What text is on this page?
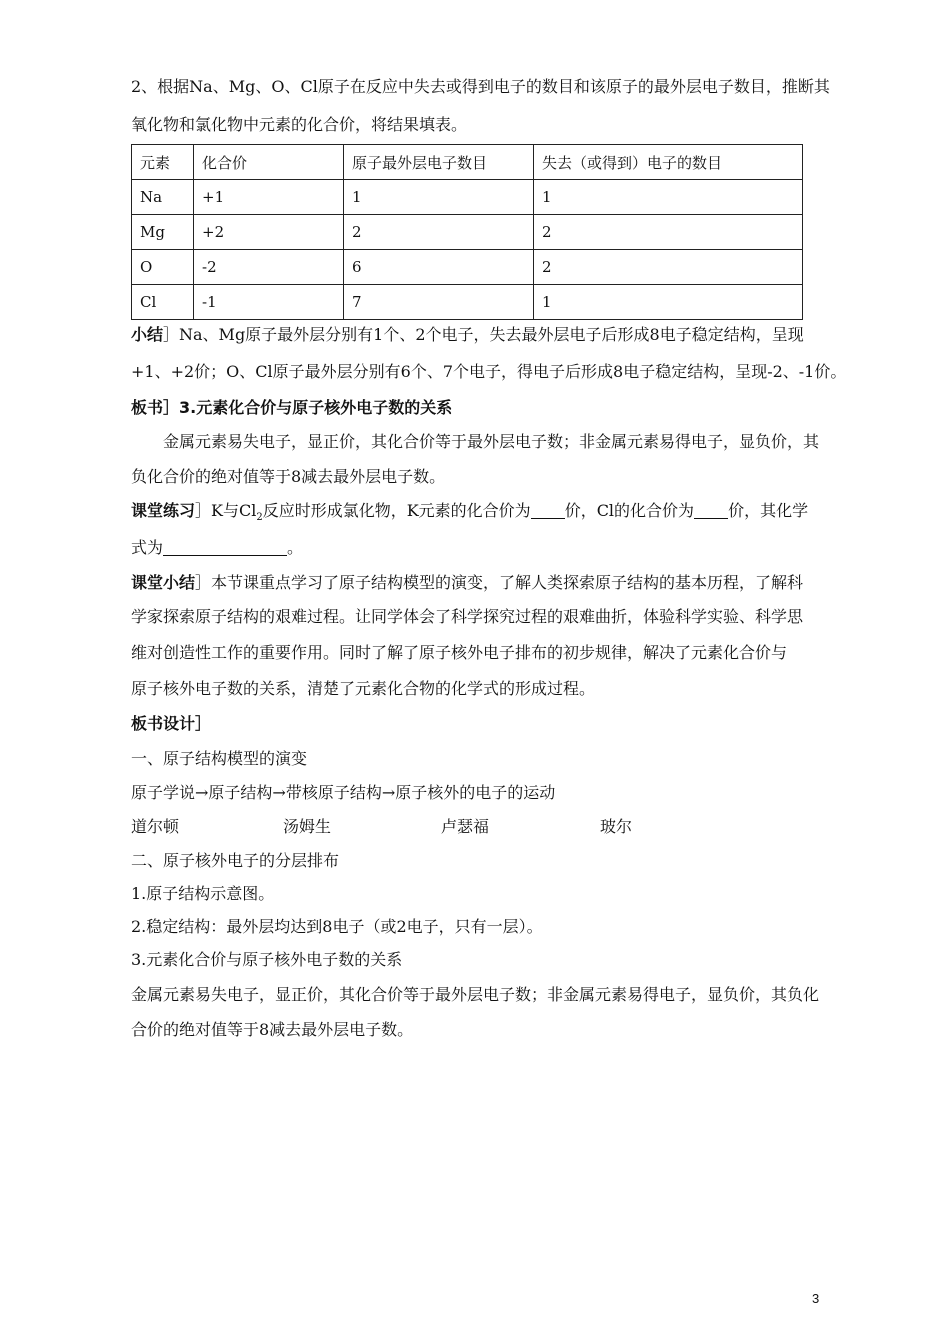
2、根据Na、Mg、O、Cl原子在反应中失去或得到电子的数目和该原子的最外层电子数目，推断其
氧化物和氯化物中元素的化合价，将结果填表。
元素	化合价	原子最外层电子数目	失去（或得到）电子的数目
Na	+1	1	1
Mg	+2	2	2
O	-2	6	2
Cl	-1	7	1
小结］Na、Mg原子最外层分别有1个、2个电子，失去最外层电子后形成8电子稳定结构，呈现
+1、+2价；O、Cl原子最外层分别有6个、7个电子，得电子后形成8电子稳定结构，呈现-2、-1价。
板书］3.元素化合价与原子核外电子数的关系
金属元素易失电子，显正价，其化合价等于最外层电子数；非金属元素易得电子，显负价，其
负化合价的绝对值等于8减去最外层电子数。
课堂练习］K与$Cl_2$反应时形成氯化物，K元素的化合价为 价，Cl的化合价为 价，其化学
式为	。
课堂小结］本节课重点学习了原子结构模型的演变，了解人类探索原子结构的基本历程，了解科
学家探索原子结构的艰难过程。让同学体会了科学探究过程的艰难曲折，体验科学实验、科学思
维对创造性工作的重要作用。同时了解了原子核外电子排布的初步规律，解决了元素化合价与
原子核外电子数的关系，清楚了元素化合物的化学式的形成过程。
板书设计］
一、原子结构模型的演变
原子学说→原子结构→带核原子结构→原子核外的电子的运动
道尔顿	汤姆生	卢瑟福	玻尔
二、原子核外电子的分层排布
1.原子结构示意图。
2.稳定结构：最外层均达到8电子（或2电子，只有一层）。
3.元素化合价与原子核外电子数的关系
金属元素易失电子，显正价，其化合价等于最外层电子数；非金属元素易得电子，显负价，其负化
合价的绝对值等于8减去最外层电子数。
3
